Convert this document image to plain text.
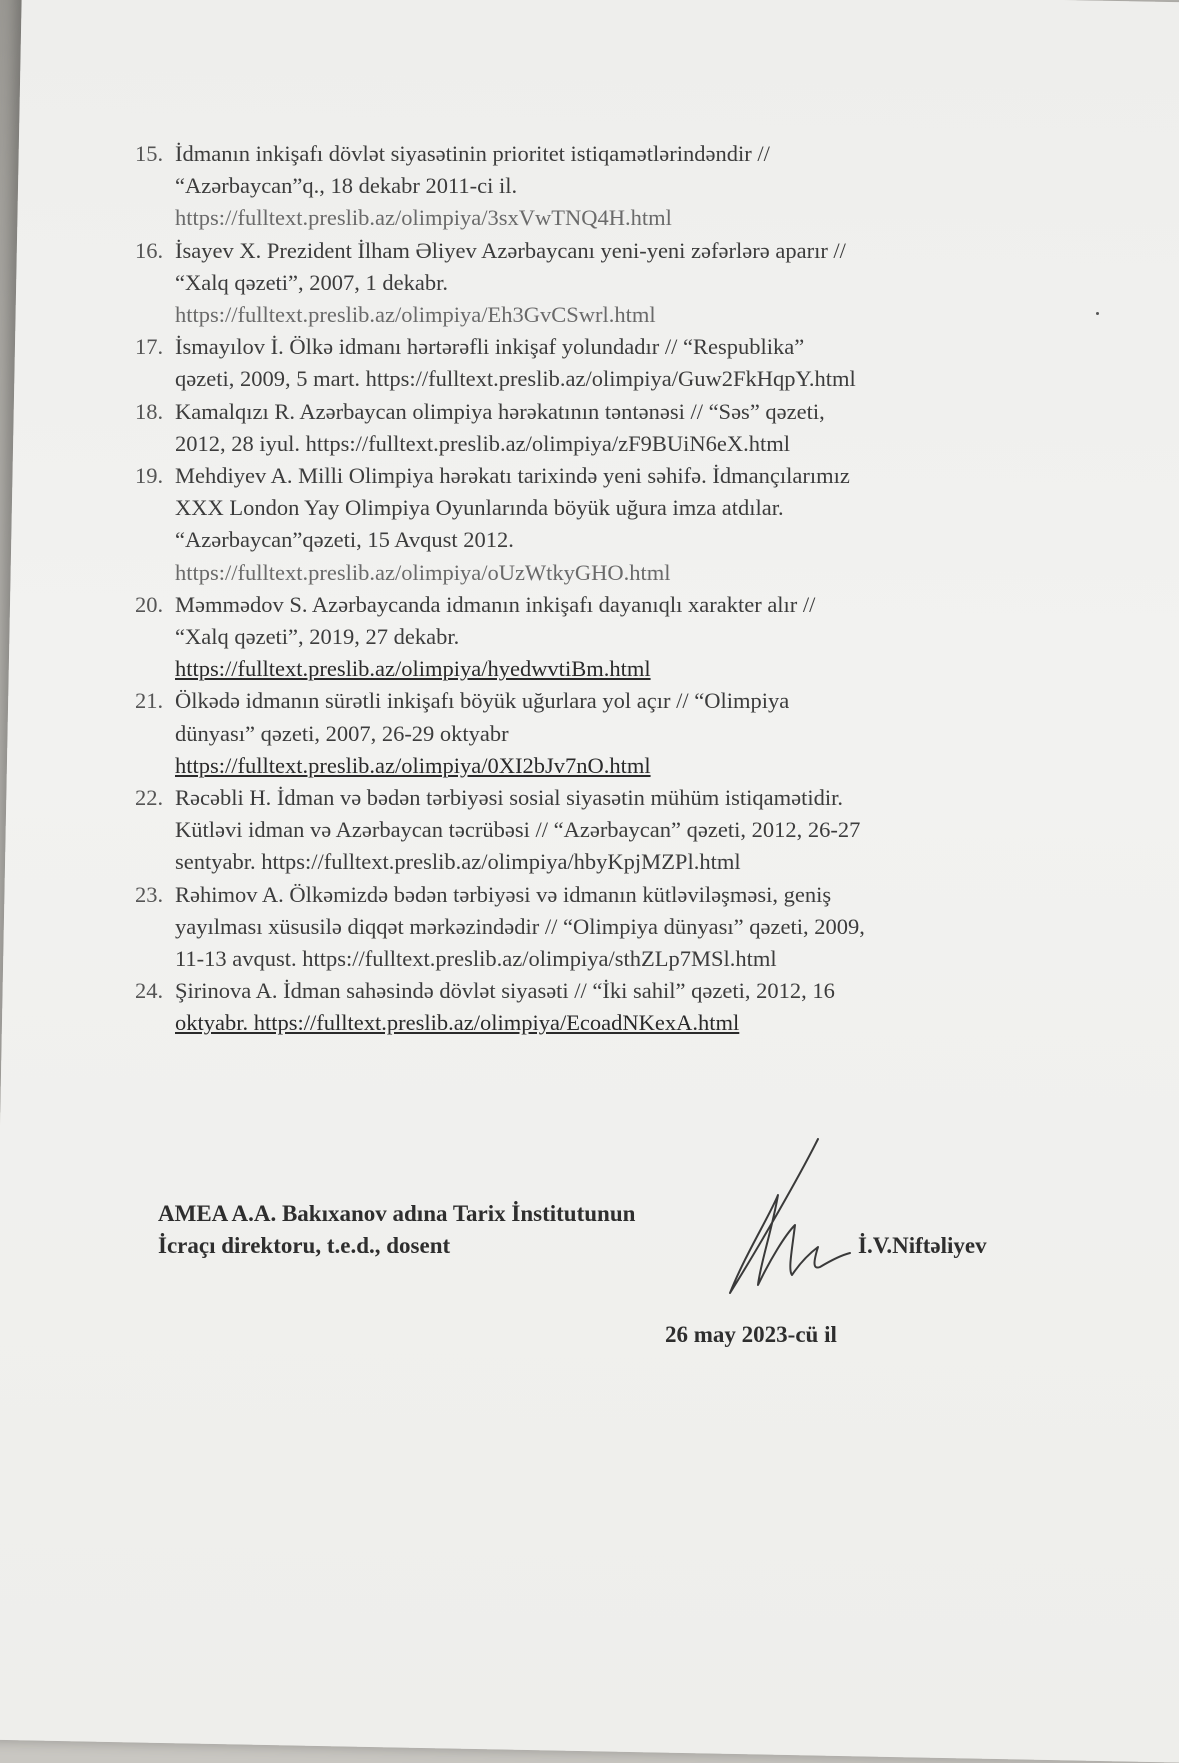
15. İdmanın inkişafı dövlət siyasətinin prioritet istiqamətlərindəndir //
“Azərbaycan”q., 18 dekabr 2011-ci il.
https://fulltext.preslib.az/olimpiya/3sxVwTNQ4H.html
16. İsayev X. Prezident İlham Əliyev Azərbaycanı yeni-yeni zəfərlərə aparır //
“Xalq qəzeti”, 2007, 1 dekabr.
https://fulltext.preslib.az/olimpiya/Eh3GvCSwrl.html
17. İsmayılov İ. Ölkə idmanı hərtərəfli inkişaf yolundadır // “Respublika”
qəzeti, 2009, 5 mart. https://fulltext.preslib.az/olimpiya/Guw2FkHqpY.html
18. Kamalqızı R. Azərbaycan olimpiya hərəkatının təntənəsi // “Səs” qəzeti,
2012, 28 iyul. https://fulltext.preslib.az/olimpiya/zF9BUiN6eX.html
19. Mehdiyev A. Milli Olimpiya hərəkatı tarixində yeni səhifə. İdmançılarımız
XXX London Yay Olimpiya Oyunlarında böyük uğura imza atdılar.
“Azərbaycan”qəzeti, 15 Avqust 2012.
https://fulltext.preslib.az/olimpiya/oUzWtkyGHO.html
20. Məmmədov S. Azərbaycanda idmanın inkişafı dayanıqlı xarakter alır //
“Xalq qəzeti”, 2019, 27 dekabr.
https://fulltext.preslib.az/olimpiya/hyedwvtiBm.html
21. Ölkədə idmanın sürətli inkişafı böyük uğurlara yol açır // “Olimpiya
dünyası” qəzeti, 2007, 26-29 oktyabr
https://fulltext.preslib.az/olimpiya/0XI2bJv7nO.html
22. Rəcəbli H. İdman və bədən tərbiyəsi sosial siyasətin mühüm istiqamətidir.
Kütləvi idman və Azərbaycan təcrübəsi // “Azərbaycan” qəzeti, 2012, 26-27
sentyabr. https://fulltext.preslib.az/olimpiya/hbyKpjMZPl.html
23. Rəhimov A. Ölkəmizdə bədən tərbiyəsi və idmanın kütləviləşməsi, geniş
yayılması xüsusilə diqqət mərkəzindədir // “Olimpiya dünyası” qəzeti, 2009,
11-13 avqust. https://fulltext.preslib.az/olimpiya/sthZLp7MSl.html
24. Şirinova A. İdman sahəsində dövlət siyasəti // “İki sahil” qəzeti, 2012, 16
oktyabr. https://fulltext.preslib.az/olimpiya/EcoadNKexA.html
AMEA A.A. Bakıxanov adına Tarix İnstitutunun
İcraçı direktoru, t.e.d., dosent	İ.V.Niftəliyev
26 may 2023-cü il
